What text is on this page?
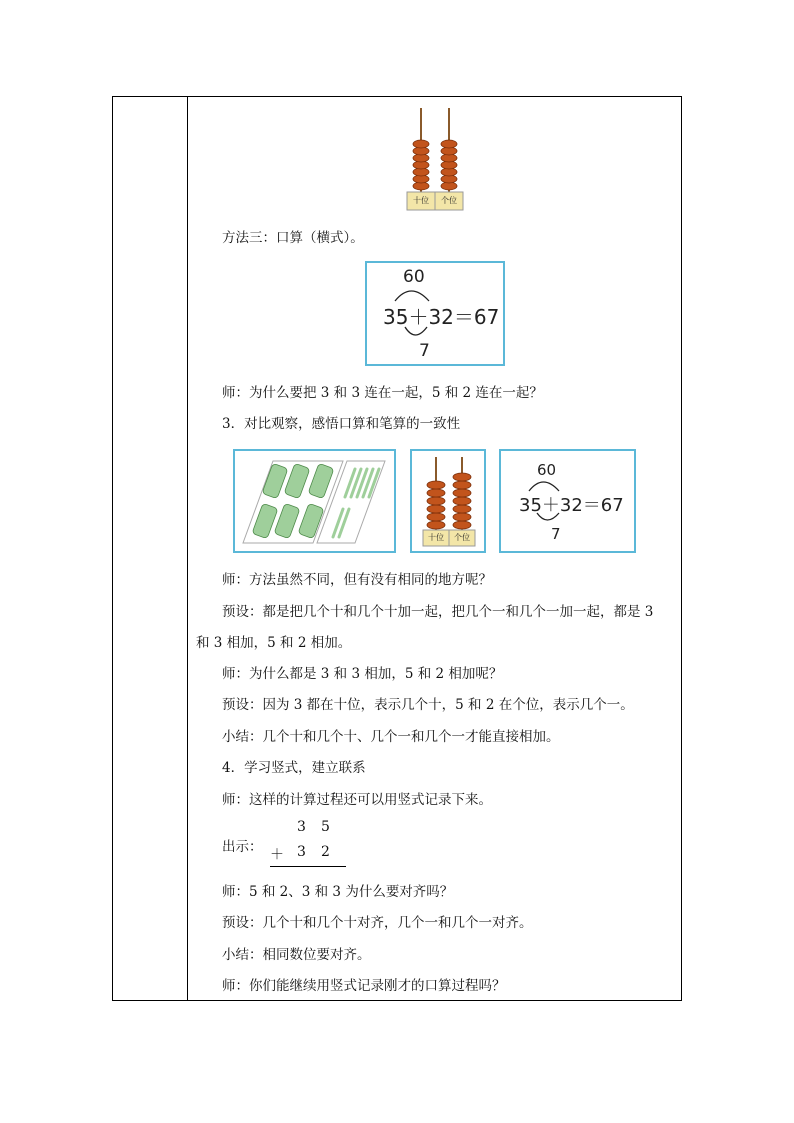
十位	个位
方法三：口算（横式）。
60
35＋32＝67
7
师：为什么要把 3 和 3 连在一起，5 和 2 连在一起？
3．对比观察，感悟口算和笔算的一致性
十位	个位
60
35＋32＝67
7
师：方法虽然不同，但有没有相同的地方呢？
预设：都是把几个十和几个十加一起，把几个一和几个一加一起，都是 3
和 3 相加，5 和 2 相加。
师：为什么都是 3 和 3 相加，5 和 2 相加呢？
预设：因为 3 都在十位，表示几个十，5 和 2 在个位，表示几个一。
小结：几个十和几个十、几个一和几个一才能直接相加。
4．学习竖式，建立联系
师：这样的计算过程还可以用竖式记录下来。
出示：
3 5
＋ 3 2
师：5 和 2、3 和 3 为什么要对齐吗？
预设：几个十和几个十对齐，几个一和几个一对齐。
小结：相同数位要对齐。
师：你们能继续用竖式记录刚才的口算过程吗？
